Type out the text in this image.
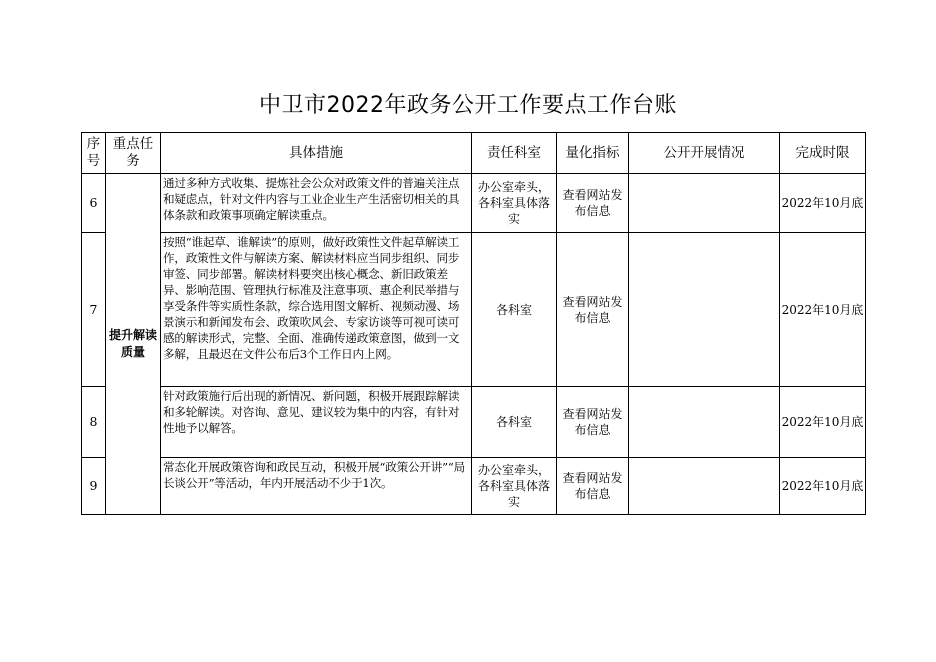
中卫市2022年政务公开工作要点工作台账
序号	重点任务	具体措施	责任科室	量化指标	公开开展情况	完成时限
6	提升解读质量	通过多种方式收集、提炼社会公众对政策文件的普遍关注点和疑虑点，针对文件内容与工业企业生产生活密切相关的具体条款和政策事项确定解读重点。	办公室牵头，各科室具体落实	查看网站发布信息		2022年10月底
7		按照“谁起草、谁解读”的原则，做好政策性文件起草解读工作，政策性文件与解读方案、解读材料应当同步组织、同步审签、同步部署。解读材料要突出核心概念、新旧政策差异、影响范围、管理执行标准及注意事项、惠企利民举措与享受条件等实质性条款，综合选用图文解析、视频动漫、场景演示和新闻发布会、政策吹风会、专家访谈等可视可读可感的解读形式，完整、全面、准确传递政策意图，做到一文多解，且最迟在文件公布后3个工作日内上网。	各科室	查看网站发布信息		2022年10月底
8		针对政策施行后出现的新情况、新问题，积极开展跟踪解读和多轮解读。对咨询、意见、建议较为集中的内容，有针对性地予以解答。	各科室	查看网站发布信息		2022年10月底
9		常态化开展政策咨询和政民互动，积极开展“政策公开讲”“局长谈公开”等活动，年内开展活动不少于1次。	办公室牵头，各科室具体落实	查看网站发布信息		2022年10月底
